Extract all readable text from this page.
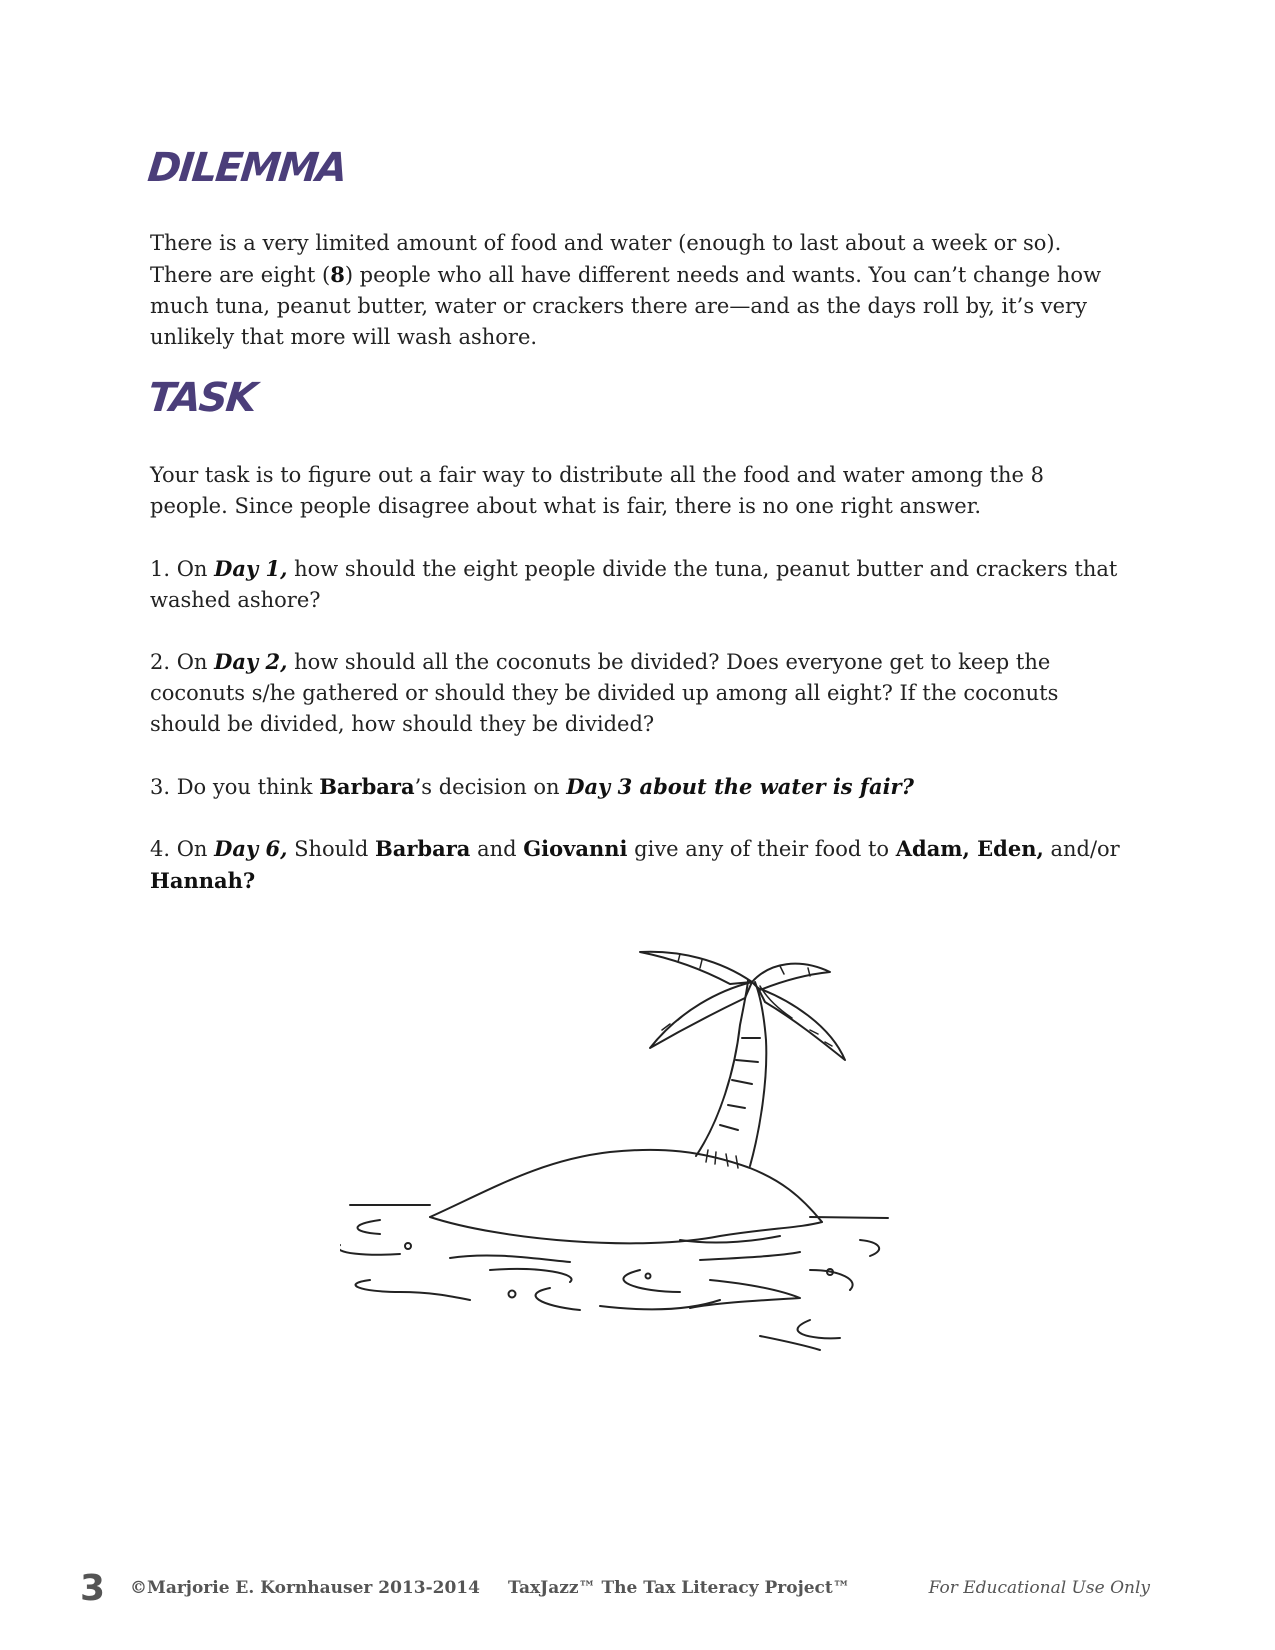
DILEMMA

There is a very limited amount of food and water (enough to last about a week or so). There are eight (8) people who all have different needs and wants. You can’t change how much tuna, peanut butter, water or crackers there are—and as the days roll by, it’s very unlikely that more will wash ashore.

TASK

Your task is to figure out a fair way to distribute all the food and water among the 8 people. Since people disagree about what is fair, there is no one right answer.

1. On Day 1, how should the eight people divide the tuna, peanut butter and crackers that washed ashore?

2. On Day 2, how should all the coconuts be divided? Does everyone get to keep the coconuts s/he gathered or should they be divided up among all eight? If the coconuts should be divided, how should they be divided?

3. Do you think Barbara’s decision on Day 3 about the water is fair?

4. On Day 6, Should Barbara and Giovanni give any of their food to Adam, Eden, and/or Hannah?

3 ©Marjorie E. Kornhauser 2013-2014 TaxJazz™ The Tax Literacy Project™	For Educational Use Only
